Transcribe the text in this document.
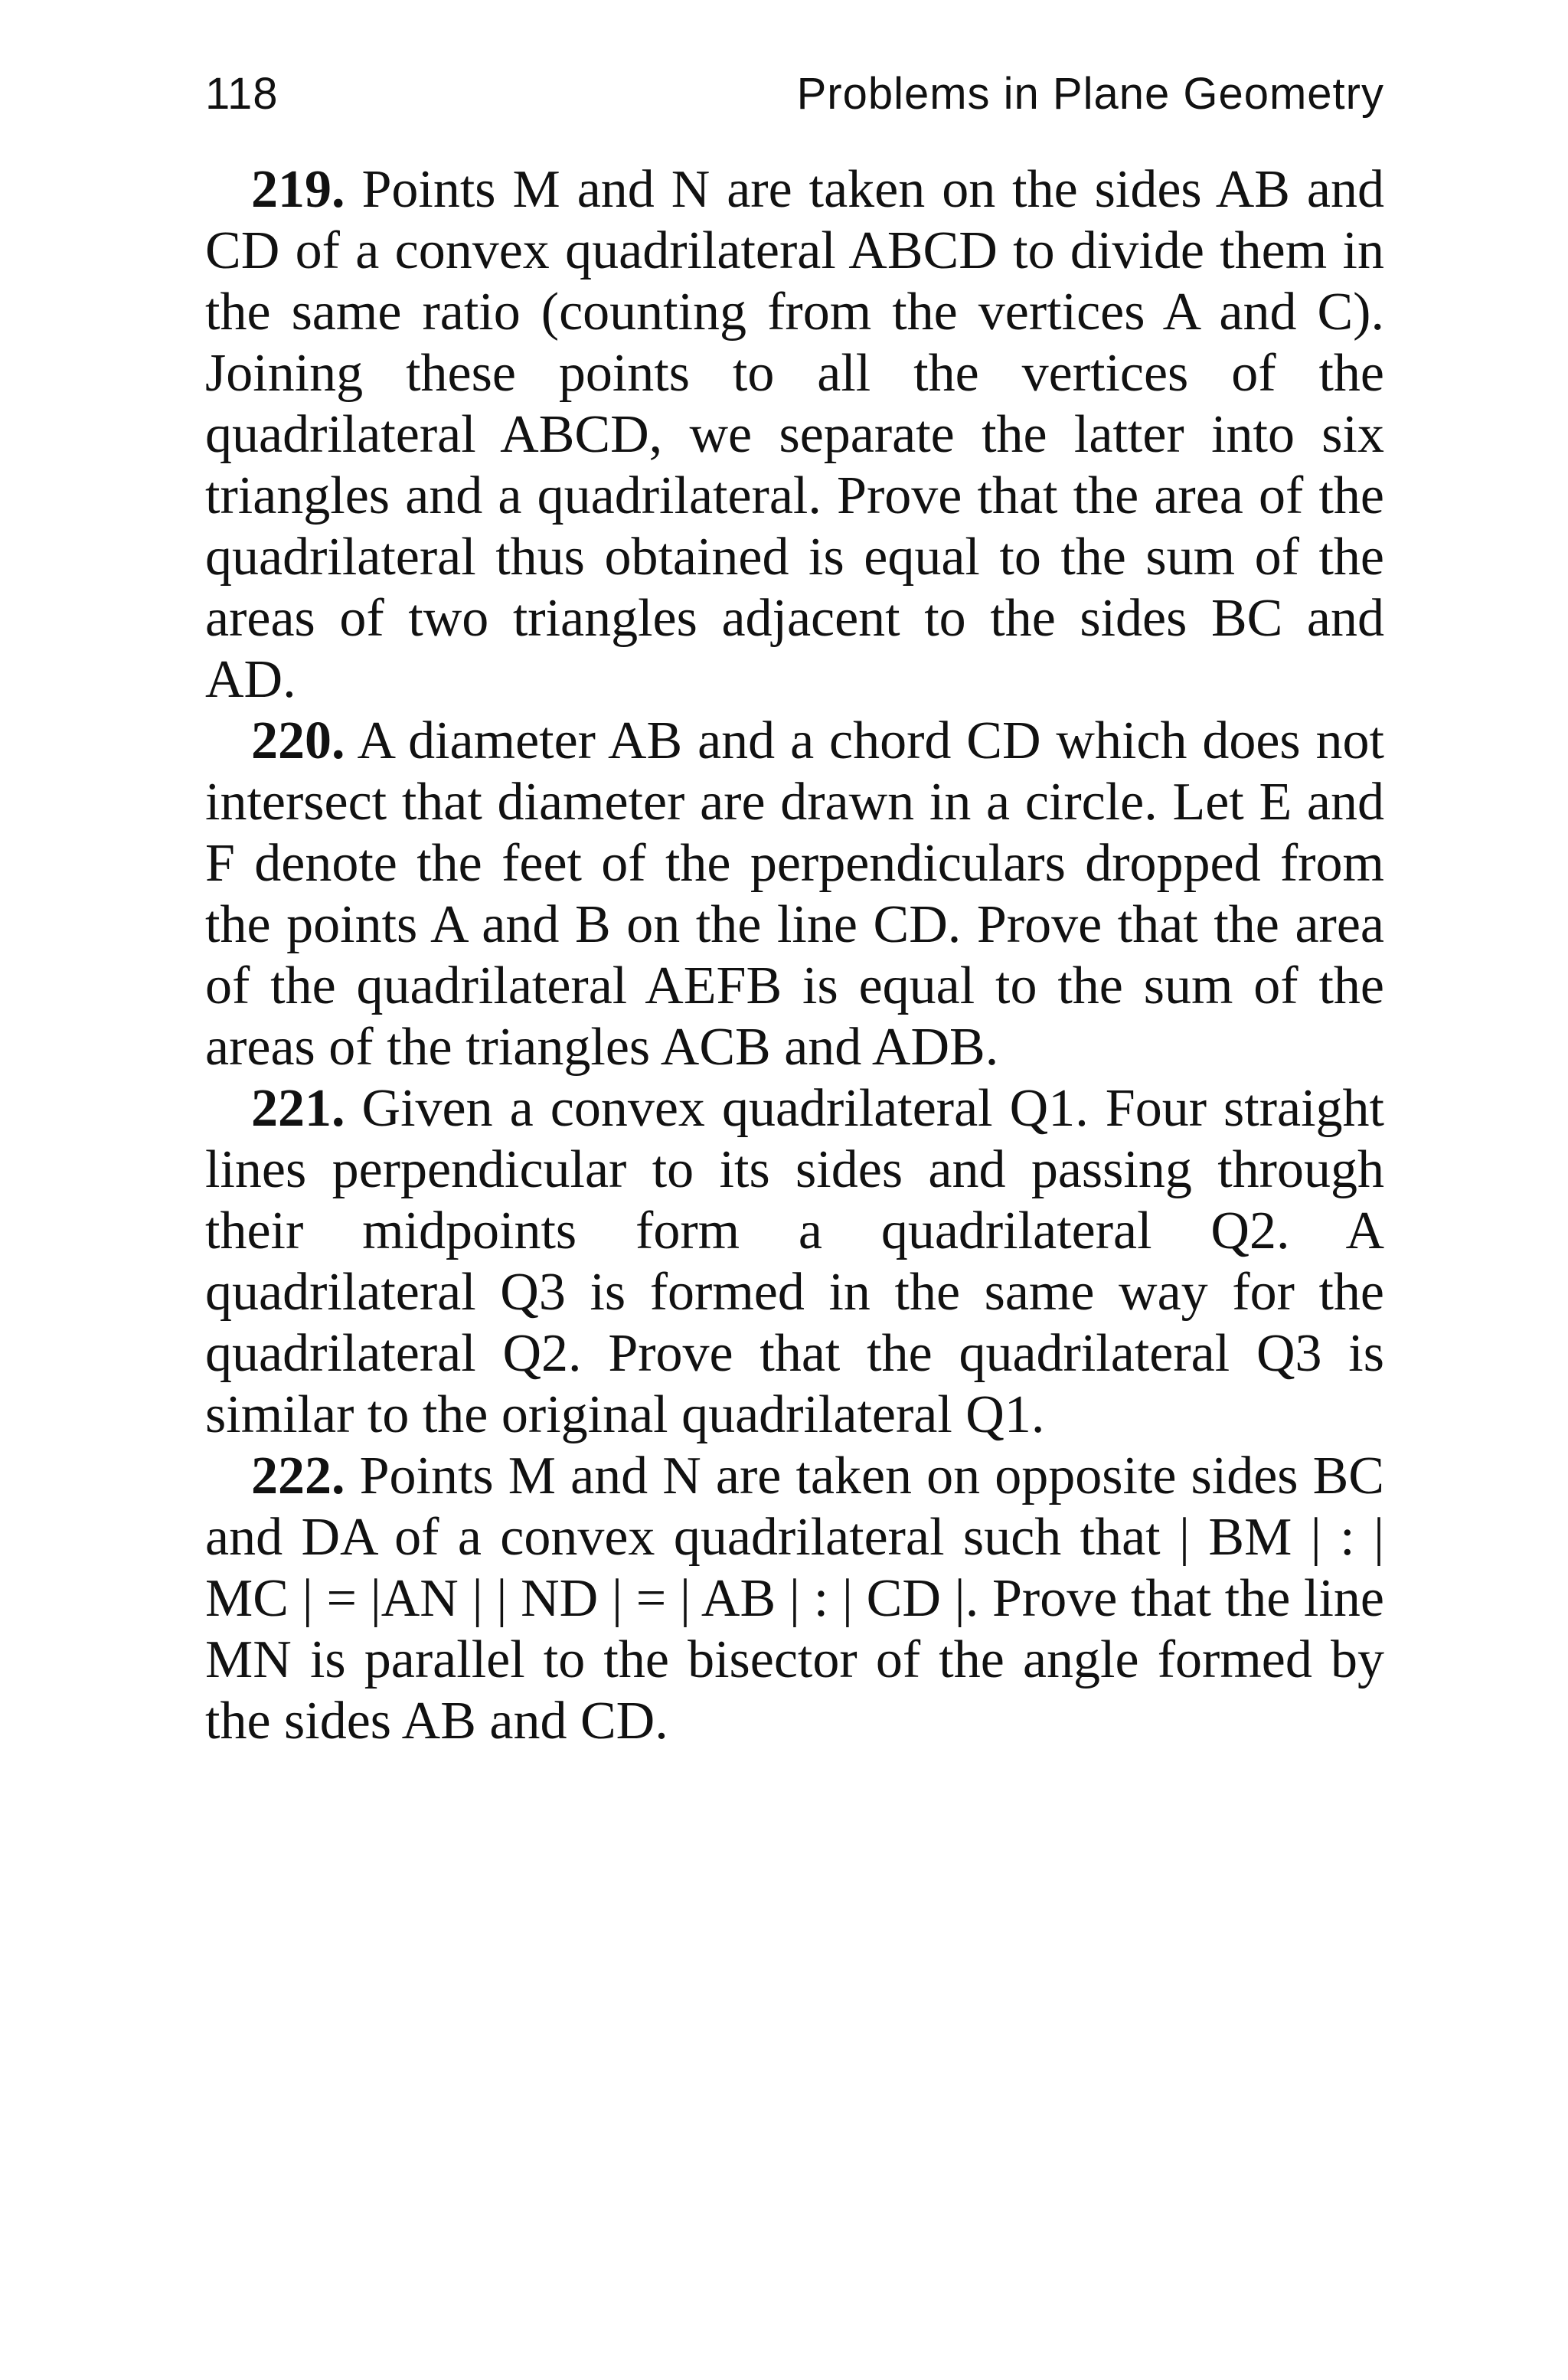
118	Problems in Plane Geometry

219. Points M and N are taken on the sides AB and CD of a convex quadrilateral ABCD to divide them in the same ratio (counting from the vertices A and C). Joining these points to all the vertices of the quadrilateral ABCD, we separate the latter into six triangles and a quadrilateral. Prove that the area of the quadrilateral thus obtained is equal to the sum of the areas of two triangles adjacent to the sides BC and AD.

220. A diameter AB and a chord CD which does not intersect that diameter are drawn in a circle. Let E and F denote the feet of the perpendiculars dropped from the points A and B on the line CD. Prove that the area of the quadrilateral AEFB is equal to the sum of the areas of the triangles ACB and ADB.

221. Given a convex quadrilateral Q1. Four straight lines perpendicular to its sides and passing through their midpoints form a quadrilateral Q2. A quadrilateral Q3 is formed in the same way for the quadrilateral Q2. Prove that the quadrilateral Q3 is similar to the original quadrilateral Q1.

222. Points M and N are taken on opposite sides BC and DA of a convex quadrilateral such that | BM | : | MC | = |AN | | ND | = | AB | : | CD |. Prove that the line MN is parallel to the bisector of the angle formed by the sides AB and CD.
